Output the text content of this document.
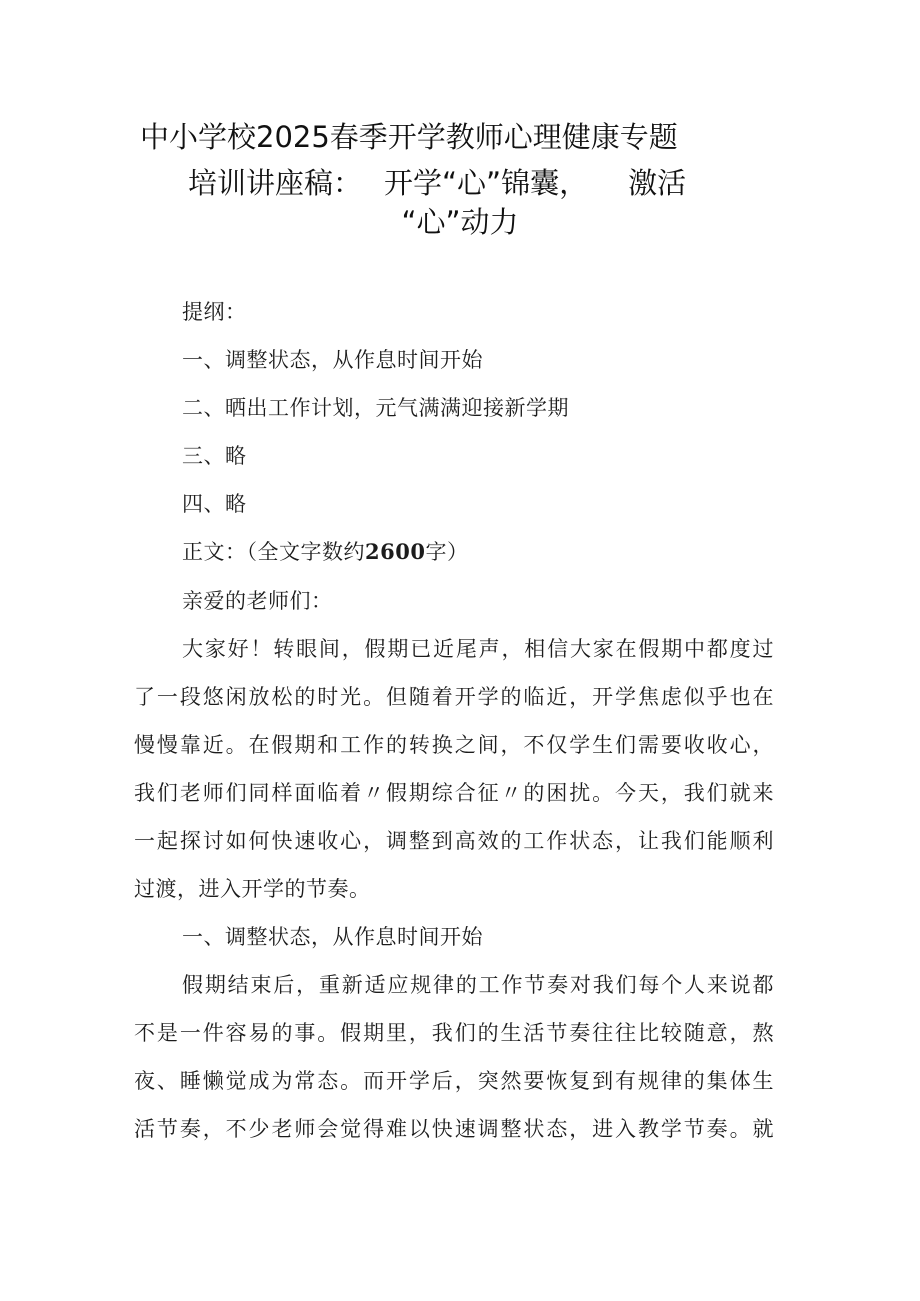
中小学校2025春季开学教师心理健康专题
培训讲座稿： 开学“心”锦囊， 激活
“心”动力
提纲：
一、调整状态，从作息时间开始
二、晒出工作计划，元气满满迎接新学期
三、略
四、略
正文：（全文字数约2600字）
亲爱的老师们：
大家好！转眼间，假期已近尾声，相信大家在假期中都度过
了一段悠闲放松的时光。但随着开学的临近，开学焦虑似乎也在
慢慢靠近。在假期和工作的转换之间，不仅学生们需要收收心，
我们老师们同样面临着〃假期综合征〃的困扰。今天，我们就来
一起探讨如何快速收心，调整到高效的工作状态，让我们能顺利
过渡，进入开学的节奏。
一、调整状态，从作息时间开始
假期结束后，重新适应规律的工作节奏对我们每个人来说都
不是一件容易的事。假期里，我们的生活节奏往往比较随意，熬
夜、睡懒觉成为常态。而开学后，突然要恢复到有规律的集体生
活节奏，不少老师会觉得难以快速调整状态，进入教学节奏。就
